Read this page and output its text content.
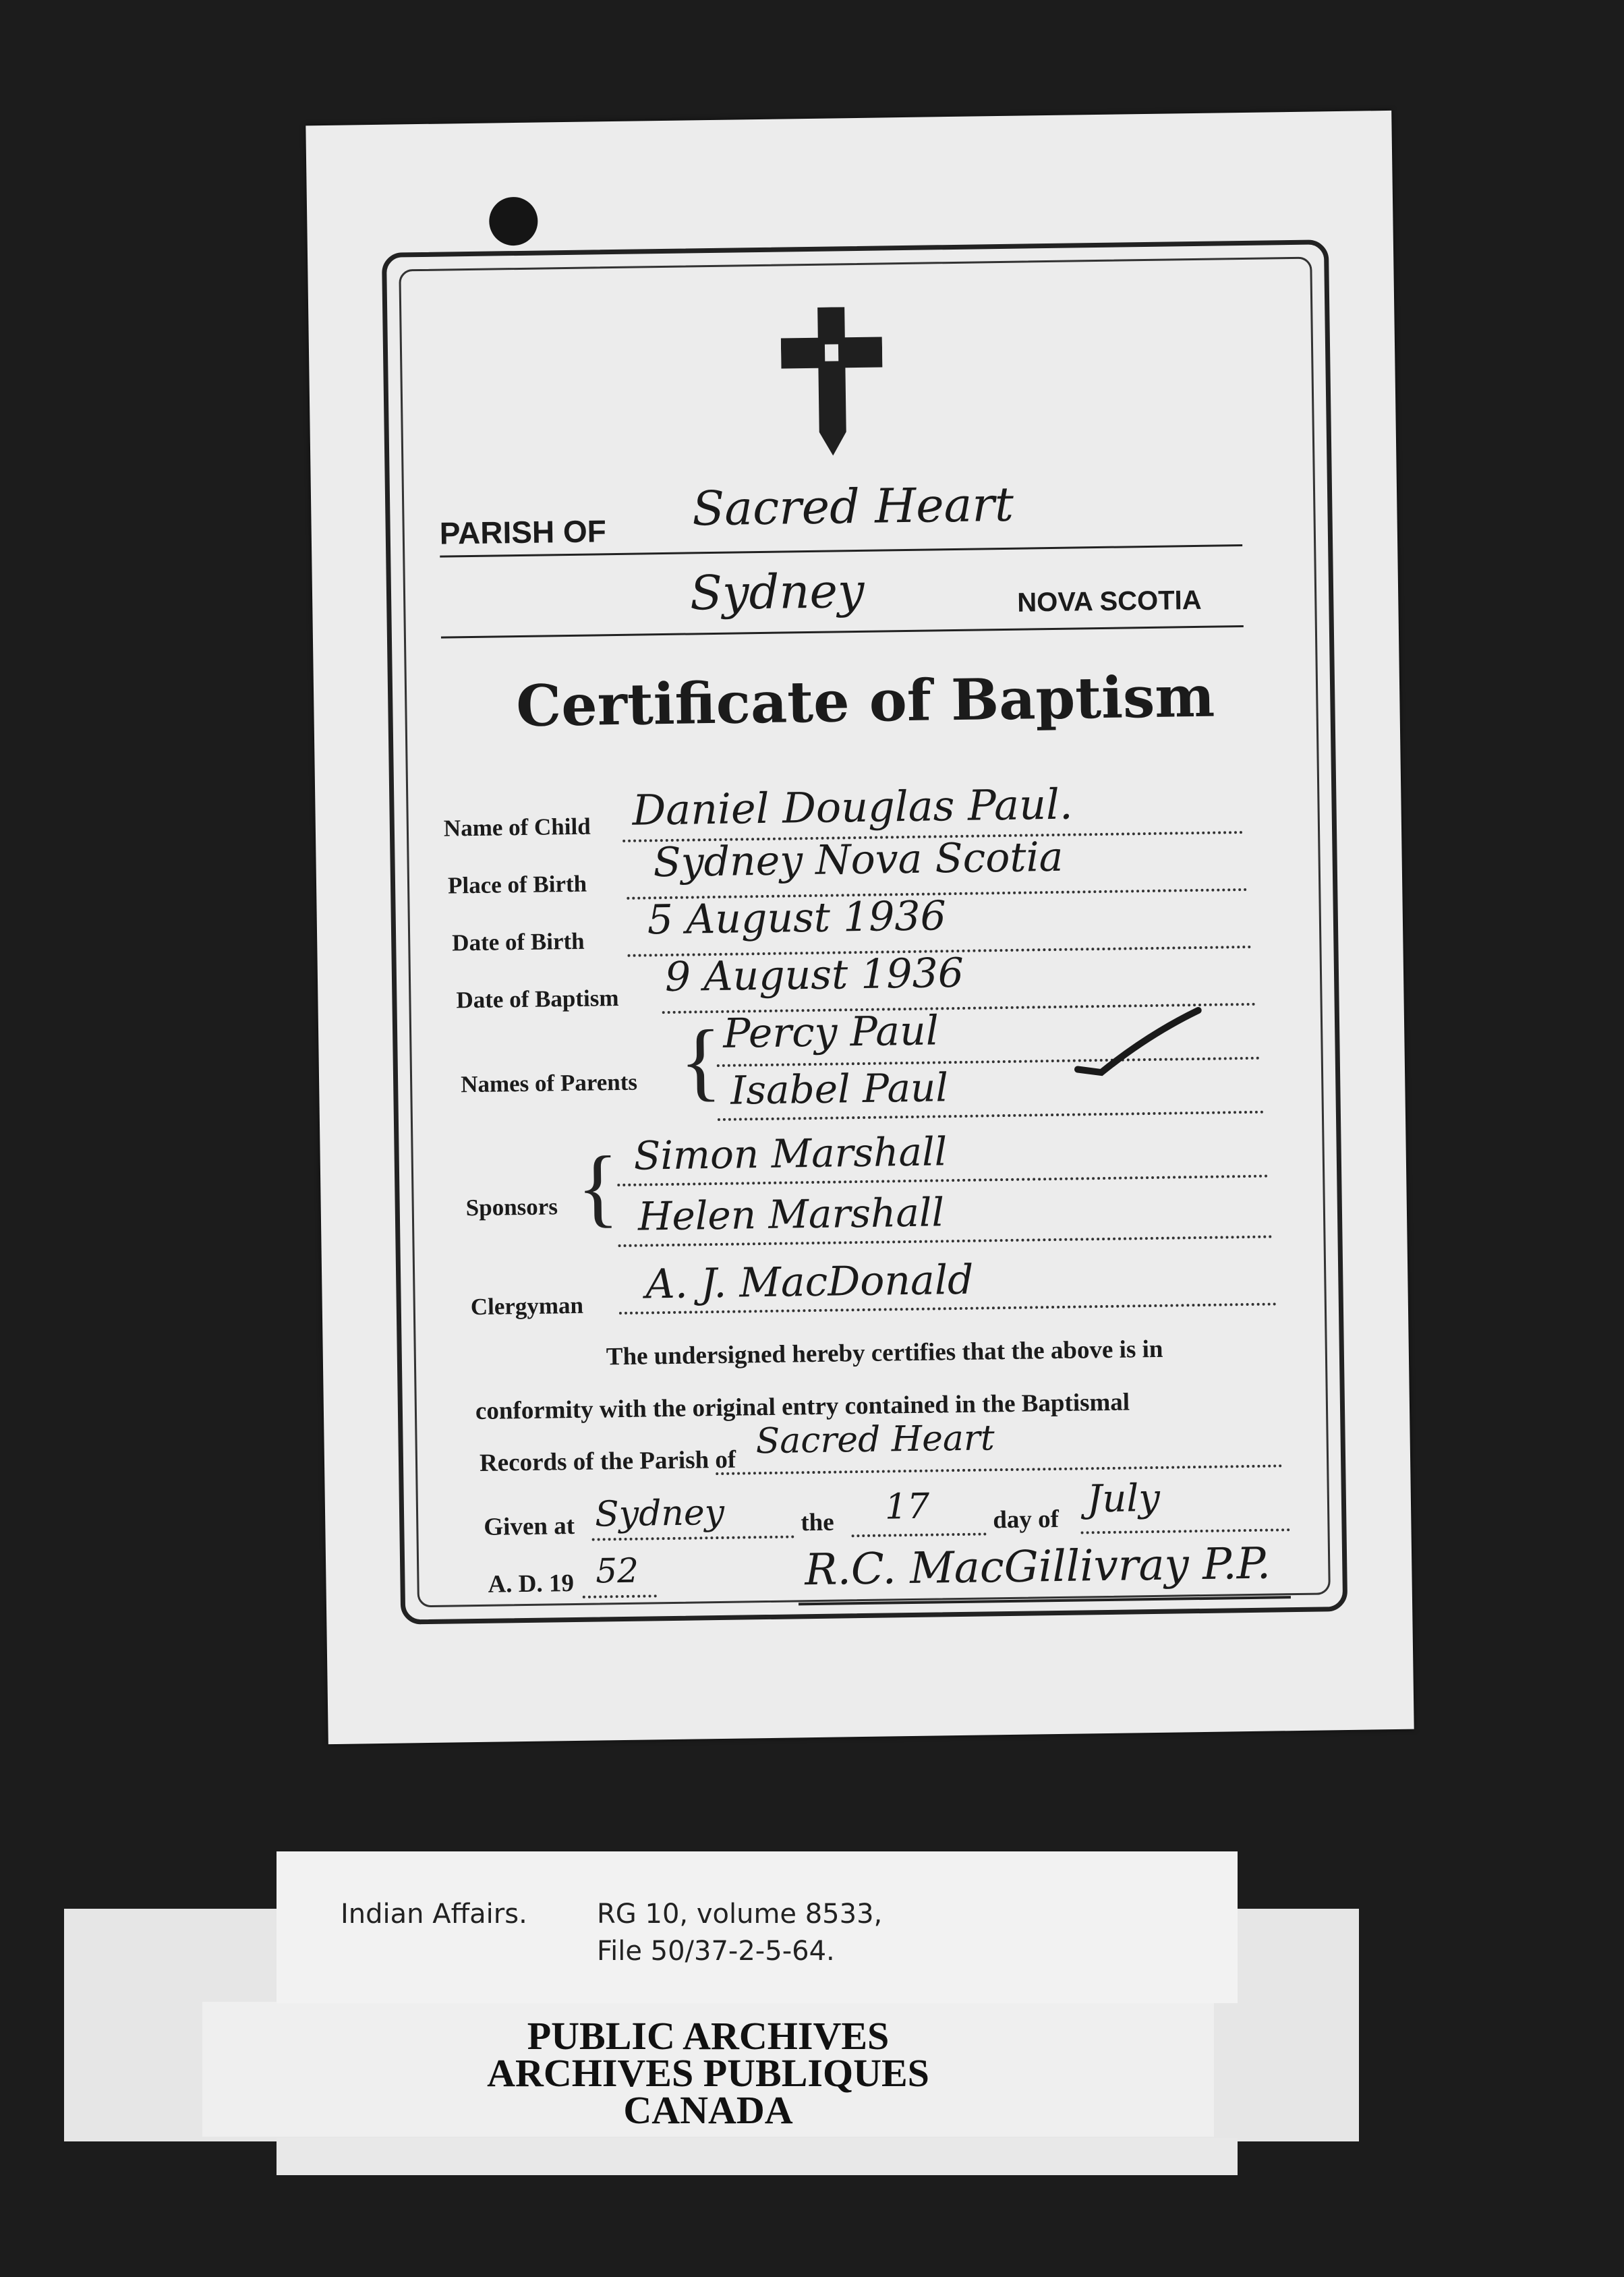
PARISH OF Sacred Heart
Sydney	NOVA SCOTIA
Certificate of Baptism
Name of Child Daniel Douglas Paul.
Place of Birth Sydney Nova Scotia
Date of Birth 5 August 1936
Date of Baptism 9 August 1936
Names of Parents { Percy Paul
Isabel Paul
Sponsors { Simon Marshall
Helen Marshall
Clergyman A. J. MacDonald
The undersigned hereby certifies that the above is in
conformity with the original entry contained in the Baptismal
Records of the Parish of Sacred Heart
Given at Sydney	the 17	day of July
A. D. 19 52	R.C. MacGillivray P.P.
Indian Affairs.	RG 10, volume 8533,
File 50/37-2-5-64.
PUBLIC ARCHIVES
ARCHIVES PUBLIQUES
CANADA
